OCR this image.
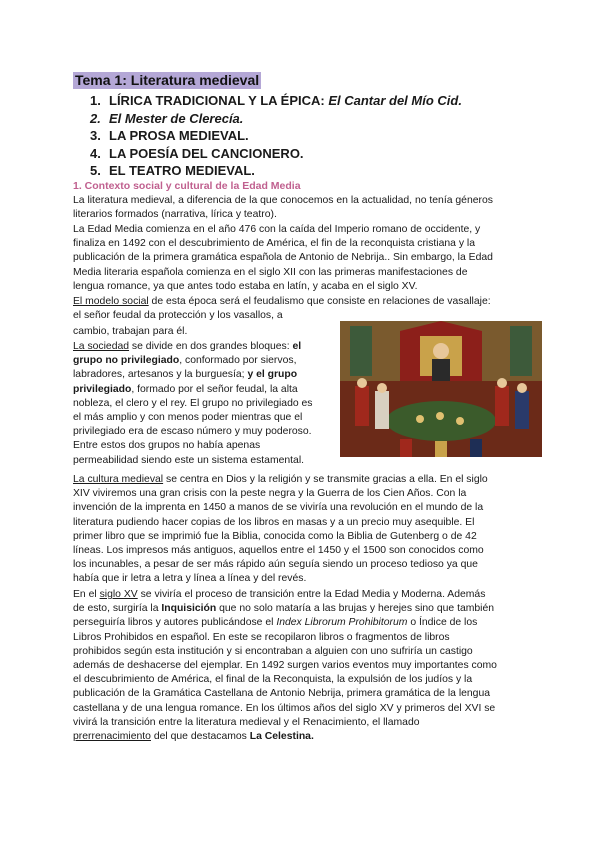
Tema 1: Literatura medieval
1. LÍRICA TRADICIONAL Y LA ÉPICA: El Cantar del Mío Cid.
2. El Mester de Clerecía.
3. LA PROSA MEDIEVAL.
4. LA POESÍA DEL CANCIONERO.
5. EL TEATRO MEDIEVAL.
1. Contexto social y cultural de la Edad Media
La literatura medieval, a diferencia de la que conocemos en la actualidad, no tenía géneros
literarios formados (narrativa, lírica y teatro).
La Edad Media comienza en el año 476 con la caída del Imperio romano de occidente, y
finaliza en 1492 con el descubrimiento de América, el fin de la reconquista cristiana y la
publicación de la primera gramática española de Antonio de Nebrija.. Sin embargo, la Edad
Media literaria española comienza en el siglo XII con las primeras manifestaciones de
lengua romance, ya que antes todo estaba en latín, y acaba en el siglo XV.
El modelo social de esta época será el feudalismo que consiste en relaciones de vasallaje:
el señor feudal da protección y los vasallos, a
cambio, trabajan para él.
La sociedad se divide en dos grandes bloques: el
grupo no privilegiado, conformado por siervos,
labradores, artesanos y la burguesía; y el grupo
privilegiado, formado por el señor feudal, la alta
nobleza, el clero y el rey. El grupo no privilegiado es
el más amplio y con menos poder mientras que el
privilegiado era de escaso número y muy poderoso.
Entre estos dos grupos no había apenas
permeabilidad siendo este un sistema estamental.
La cultura medieval se centra en Dios y la religión y se transmite gracias a ella. En el siglo
XIV viviremos una gran crisis con la peste negra y la Guerra de los Cien Años. Con la
invención de la imprenta en 1450 a manos de se viviría una revolución en el mundo de la
literatura pudiendo hacer copias de los libros en masas y a un precio muy asequible. El
primer libro que se imprimió fue la Biblia, conocida como la Biblia de Gutenberg o de 42
líneas. Los impresos más antiguos, aquellos entre el 1450 y el 1500 son conocidos como
los incunables, a pesar de ser más rápido aún seguía siendo un proceso tedioso ya que
había que ir letra a letra y línea a línea y del revés.
En el siglo XV se viviría el proceso de transición entre la Edad Media y Moderna. Además
de esto, surgiría la Inquisición que no solo mataría a las brujas y herejes sino que también
perseguiría libros y autores publicándose el Index Librorum Prohibitorum o Índice de los
Libros Prohibidos en español. En este se recopilaron libros o fragmentos de libros
prohibidos según esta institución y si encontraban a alguien con uno sufriría un castigo
además de deshacerse del ejemplar. En 1492 surgen varios eventos muy importantes como
el descubrimiento de América, el final de la Reconquista, la expulsión de los judíos y la
publicación de la Gramática Castellana de Antonio Nebrija, primera gramática de la lengua
castellana y de una lengua romance. En los últimos años del siglo XV y primeros del XVI se
vivirá la transición entre la literatura medieval y el Renacimiento, el llamado
prerrenacimiento del que destacamos La Celestina.
